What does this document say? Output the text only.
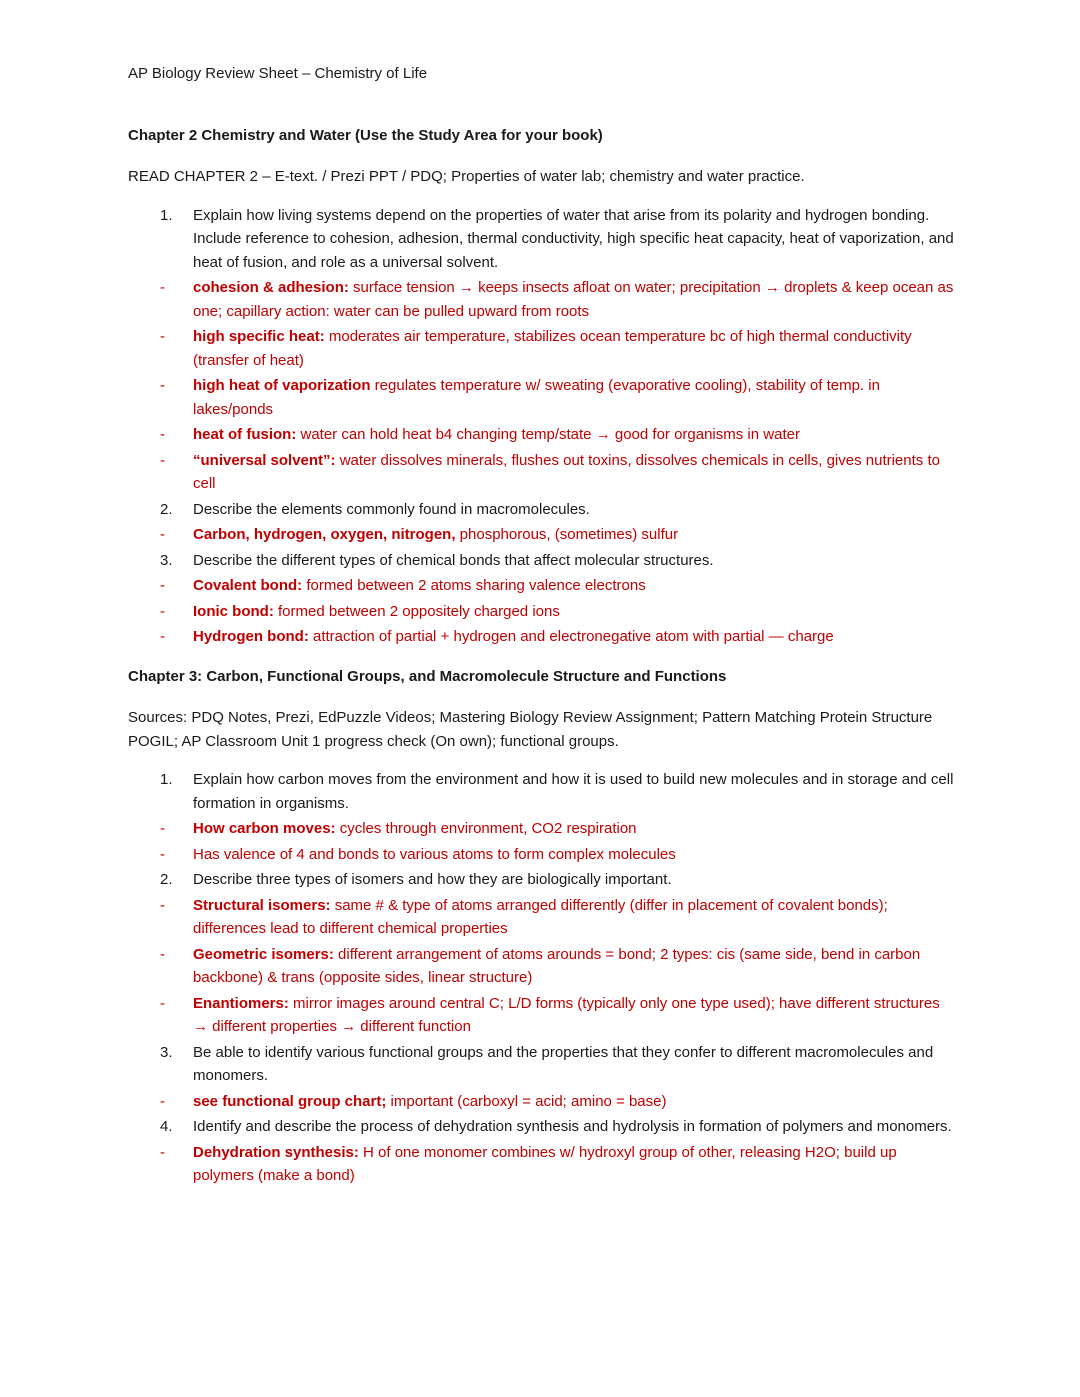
AP Biology Review Sheet – Chemistry of Life

Chapter 2 Chemistry and Water (Use the Study Area for your book)

READ CHAPTER 2 – E-text. / Prezi PPT / PDQ; Properties of water lab; chemistry and water practice.

1.	Explain how living systems depend on the properties of water that arise from its polarity and hydrogen bonding. Include reference to cohesion, adhesion, thermal conductivity, high specific heat capacity, heat of vaporization, and heat of fusion, and role as a universal solvent.
-	cohesion & adhesion: surface tension → keeps insects afloat on water; precipitation → droplets & keep ocean as one; capillary action: water can be pulled upward from roots
-	high specific heat: moderates air temperature, stabilizes ocean temperature bc of high thermal conductivity (transfer of heat)
-	high heat of vaporization regulates temperature w/ sweating (evaporative cooling), stability of temp. in lakes/ponds
-	heat of fusion: water can hold heat b4 changing temp/state → good for organisms in water
-	“universal solvent”: water dissolves minerals, flushes out toxins, dissolves chemicals in cells, gives nutrients to cell
2.	Describe the elements commonly found in macromolecules.
-	Carbon, hydrogen, oxygen, nitrogen, phosphorous, (sometimes) sulfur
3.	Describe the different types of chemical bonds that affect molecular structures.
-	Covalent bond: formed between 2 atoms sharing valence electrons
-	Ionic bond: formed between 2 oppositely charged ions
-	Hydrogen bond: attraction of partial + hydrogen and electronegative atom with partial — charge

Chapter 3: Carbon, Functional Groups, and Macromolecule Structure and Functions

Sources: PDQ Notes, Prezi, EdPuzzle Videos; Mastering Biology Review Assignment; Pattern Matching Protein Structure POGIL; AP Classroom Unit 1 progress check (On own); functional groups.

1.	Explain how carbon moves from the environment and how it is used to build new molecules and in storage and cell formation in organisms.
-	How carbon moves: cycles through environment, CO2 respiration
-	Has valence of 4 and bonds to various atoms to form complex molecules
2.	Describe three types of isomers and how they are biologically important.
-	Structural isomers: same # & type of atoms arranged differently (differ in placement of covalent bonds); differences lead to different chemical properties
-	Geometric isomers: different arrangement of atoms arounds = bond; 2 types: cis (same side, bend in carbon backbone) & trans (opposite sides, linear structure)
-	Enantiomers: mirror images around central C; L/D forms (typically only one type used); have different structures → different properties → different function
3.	Be able to identify various functional groups and the properties that they confer to different macromolecules and monomers.
-	see functional group chart; important (carboxyl = acid; amino = base)
4.	Identify and describe the process of dehydration synthesis and hydrolysis in formation of polymers and monomers.
-	Dehydration synthesis: H of one monomer combines w/ hydroxyl group of other, releasing H2O; build up polymers (make a bond)
